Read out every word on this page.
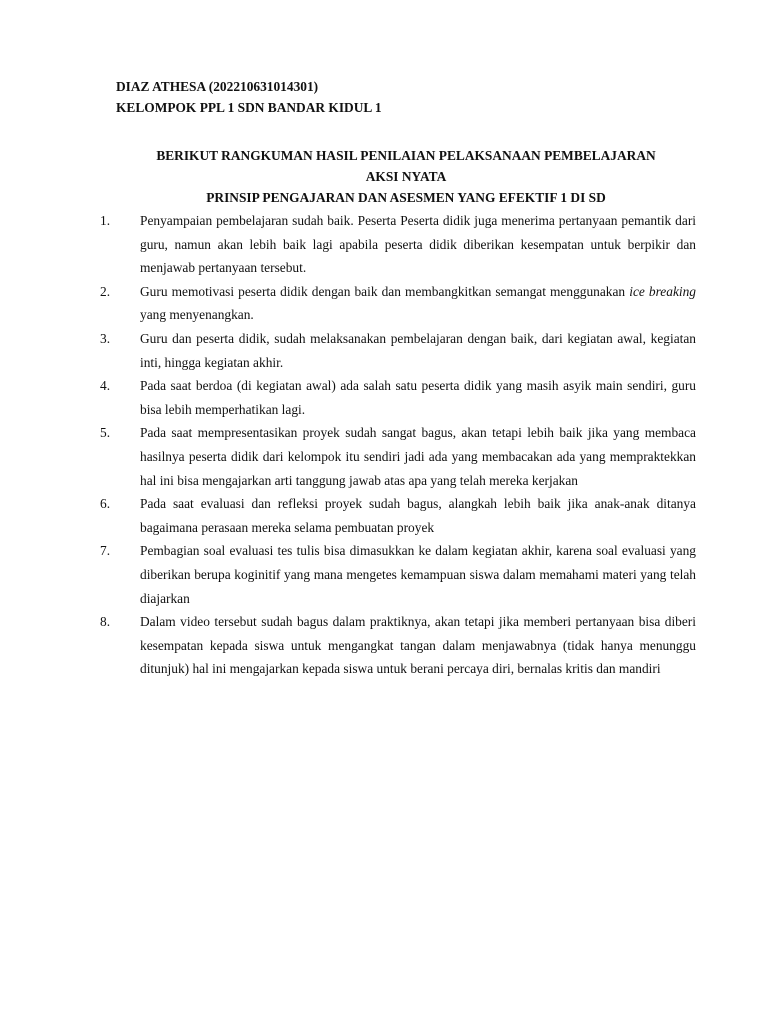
DIAZ ATHESA (202210631014301)
KELOMPOK PPL 1 SDN BANDAR KIDUL 1
BERIKUT RANGKUMAN HASIL PENILAIAN PELAKSANAAN PEMBELAJARAN
AKSI NYATA
PRINSIP PENGAJARAN DAN ASESMEN YANG EFEKTIF 1 DI SD
1.	Penyampaian pembelajaran sudah baik. Peserta Peserta didik juga menerima pertanyaan pemantik dari guru, namun akan lebih baik lagi apabila peserta didik diberikan kesempatan untuk berpikir dan menjawab pertanyaan tersebut.
2.	Guru memotivasi peserta didik dengan baik dan membangkitkan semangat menggunakan ice breaking yang menyenangkan.
3.	Guru dan peserta didik, sudah melaksanakan pembelajaran dengan baik, dari kegiatan awal, kegiatan inti, hingga kegiatan akhir.
4.	Pada saat berdoa (di kegiatan awal) ada salah satu peserta didik yang masih asyik main sendiri, guru bisa lebih memperhatikan lagi.
5.	Pada saat mempresentasikan proyek sudah sangat bagus, akan tetapi lebih baik jika yang membaca hasilnya peserta didik dari kelompok itu sendiri jadi ada yang membacakan ada yang mempraktekkan hal ini bisa mengajarkan arti tanggung jawab atas apa yang telah mereka kerjakan
6.	Pada saat evaluasi dan refleksi proyek sudah bagus, alangkah lebih baik jika anak-anak ditanya bagaimana perasaan mereka selama pembuatan proyek
7.	Pembagian soal evaluasi tes tulis bisa dimasukkan ke dalam kegiatan akhir, karena soal evaluasi yang diberikan berupa koginitif yang mana mengetes kemampuan siswa dalam memahami materi yang telah diajarkan
8.	Dalam video tersebut sudah bagus dalam praktiknya, akan tetapi jika memberi pertanyaan bisa diberi kesempatan kepada siswa untuk mengangkat tangan dalam menjawabnya (tidak hanya menunggu ditunjuk) hal ini mengajarkan kepada siswa untuk berani percaya diri, bernalas kritis dan mandiri
